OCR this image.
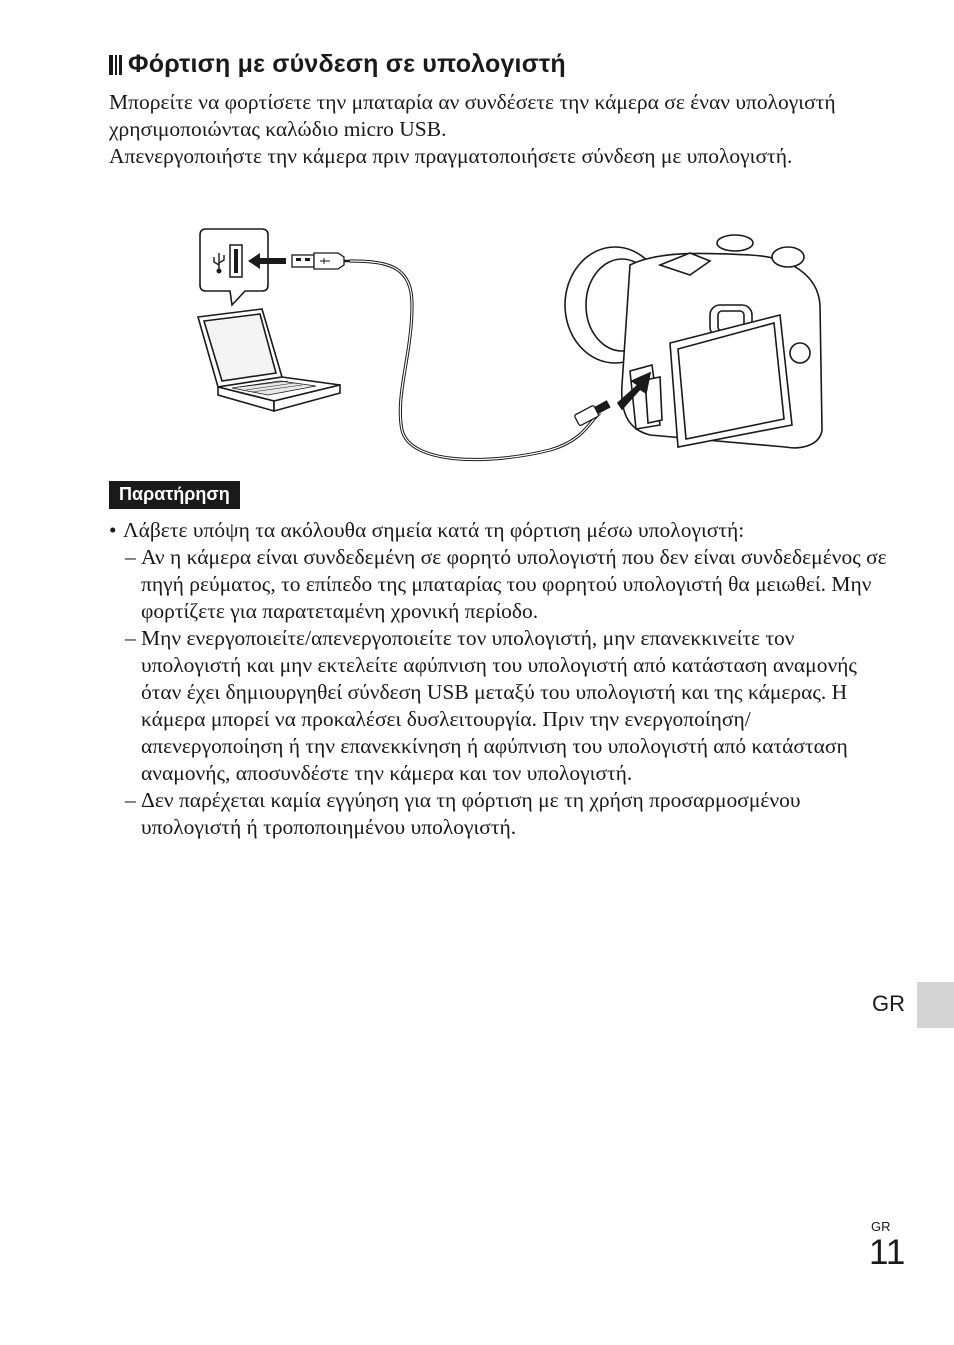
Φόρτιση με σύνδεση σε υπολογιστή

Μπορείτε να φορτίσετε την μπαταρία αν συνδέσετε την κάμερα σε έναν υπολογιστή χρησιμοποιώντας καλώδιο micro USB.

Απενεργοποιήστε την κάμερα πριν πραγματοποιήσετε σύνδεση με υπολογιστή.

Παρατήρηση
• Λάβετε υπόψη τα ακόλουθα σημεία κατά τη φόρτιση μέσω υπολογιστή:
– Αν η κάμερα είναι συνδεδεμένη σε φορητό υπολογιστή που δεν είναι συνδεδεμένος σε πηγή ρεύματος, το επίπεδο της μπαταρίας του φορητού υπολογιστή θα μειωθεί. Μην φορτίζετε για παρατεταμένη χρονική περίοδο.
– Μην ενεργοποιείτε/απενεργοποιείτε τον υπολογιστή, μην επανεκκινείτε τον υπολογιστή και μην εκτελείτε αφύπνιση του υπολογιστή από κατάσταση αναμονής όταν έχει δημιουργηθεί σύνδεση USB μεταξύ του υπολογιστή και της κάμερας. Η κάμερα μπορεί να προκαλέσει δυσλειτουργία. Πριν την ενεργοποίηση/απενεργοποίηση ή την επανεκκίνηση ή αφύπνιση του υπολογιστή από κατάσταση αναμονής, αποσυνδέστε την κάμερα και τον υπολογιστή.
– Δεν παρέχεται καμία εγγύηση για τη φόρτιση με τη χρήση προσαρμοσμένου υπολογιστή ή τροποποιημένου υπολογιστή.
GR
GR
11
